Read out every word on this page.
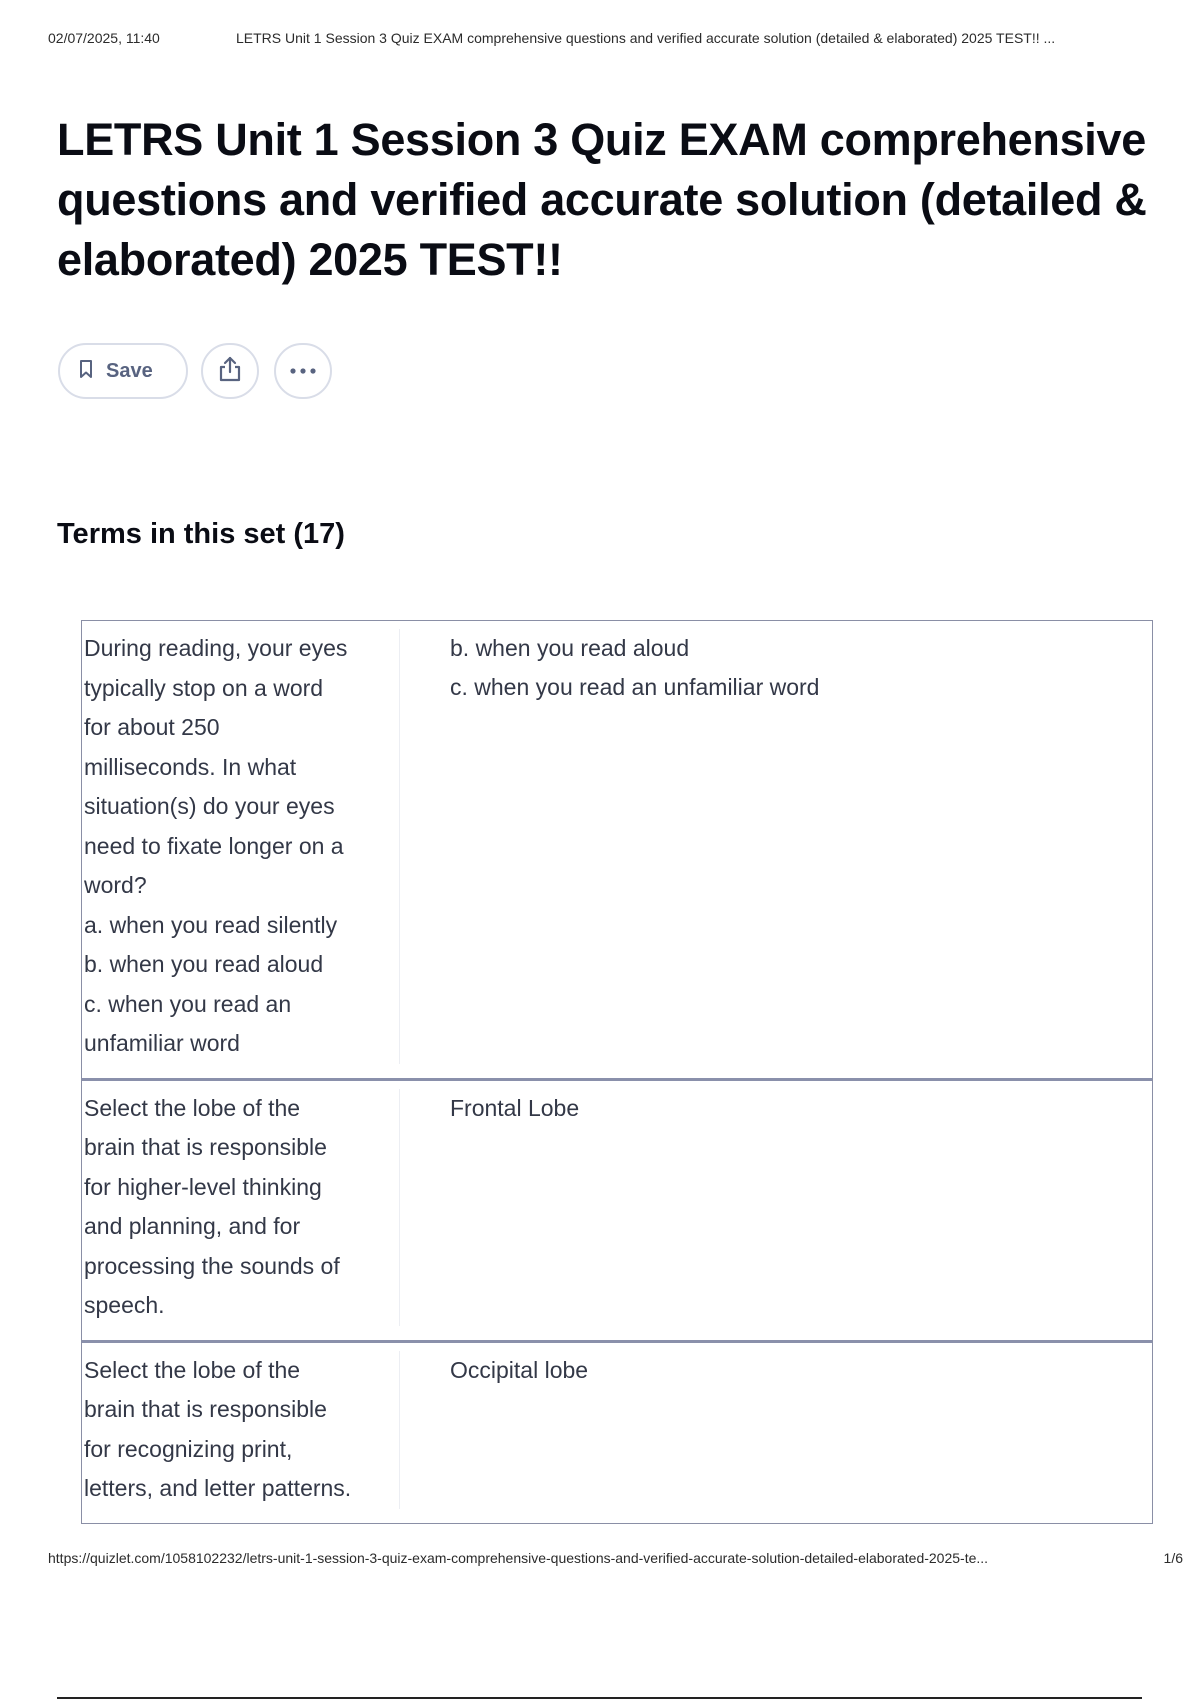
02/07/2025, 11:40	LETRS Unit 1 Session 3 Quiz EXAM comprehensive questions and verified accurate solution (detailed & elaborated) 2025 TEST!! ...
LETRS Unit 1 Session 3 Quiz EXAM comprehensive questions and verified accurate solution (detailed & elaborated) 2025 TEST!!
Save
Terms in this set (17)
During reading, your eyes
typically stop on a word
for about 250
milliseconds. In what
situation(s) do your eyes
need to fixate longer on a
word?
a. when you read silently
b. when you read aloud
c. when you read an
unfamiliar word
b. when you read aloud
c. when you read an unfamiliar word
Select the lobe of the
brain that is responsible
for higher-level thinking
and planning, and for
processing the sounds of
speech.
Frontal Lobe
Select the lobe of the
brain that is responsible
for recognizing print,
letters, and letter patterns.
Occipital lobe
https://quizlet.com/1058102232/letrs-unit-1-session-3-quiz-exam-comprehensive-questions-and-verified-accurate-solution-detailed-elaborated-2025-te...	1/6
